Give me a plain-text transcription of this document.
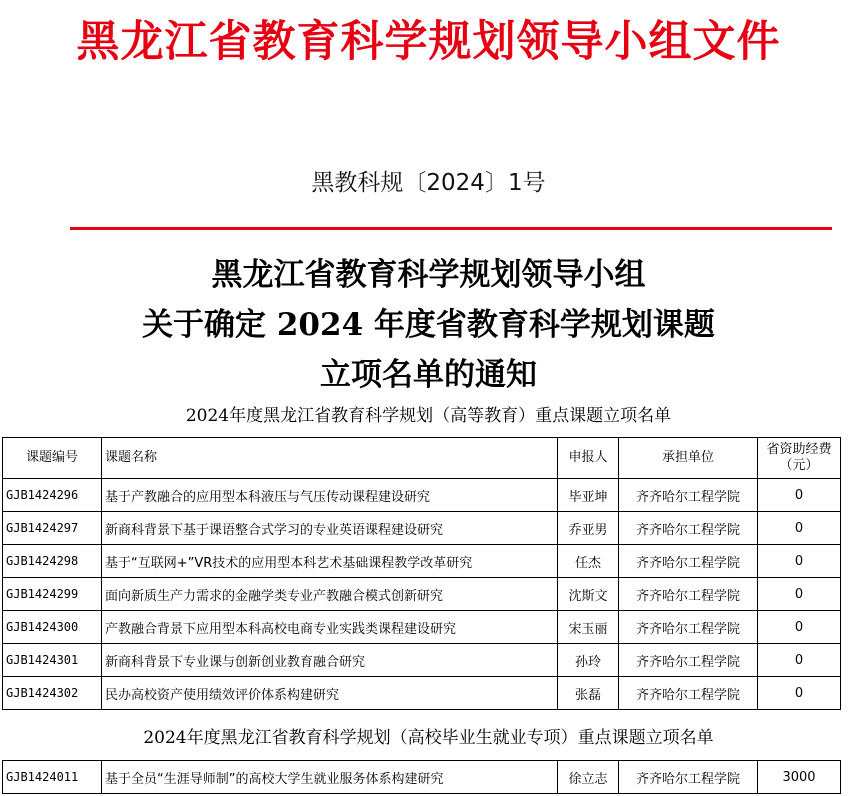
黑龙江省教育科学规划领导小组文件
黑教科规〔2024〕1号
黑龙江省教育科学规划领导小组
关于确定 2024 年度省教育科学规划课题
立项名单的通知
2024年度黑龙江省教育科学规划（高等教育）重点课题立项名单
课题编号	课题名称	申报人	承担单位	省资助经费
（元）

GJB1424296	基于产教融合的应用型本科液压与气压传动课程建设研究	毕亚坤	齐齐哈尔工程学院	0
GJB1424297	新商科背景下基于课语整合式学习的专业英语课程建设研究	乔亚男	齐齐哈尔工程学院	0
GJB1424298	基于“互联网+”VR技术的应用型本科艺术基础课程教学改革研究	任杰	齐齐哈尔工程学院	0
GJB1424299	面向新质生产力需求的金融学类专业产教融合模式创新研究	沈斯文	齐齐哈尔工程学院	0
GJB1424300	产教融合背景下应用型本科高校电商专业实践类课程建设研究	宋玉丽	齐齐哈尔工程学院	0
GJB1424301	新商科背景下专业课与创新创业教育融合研究	孙玲	齐齐哈尔工程学院	0
GJB1424302	民办高校资产使用绩效评价体系构建研究	张磊	齐齐哈尔工程学院	0
2024年度黑龙江省教育科学规划（高校毕业生就业专项）重点课题立项名单
GJB1424011	基于全员“生涯导师制”的高校大学生就业服务体系构建研究	徐立志	齐齐哈尔工程学院	3000
